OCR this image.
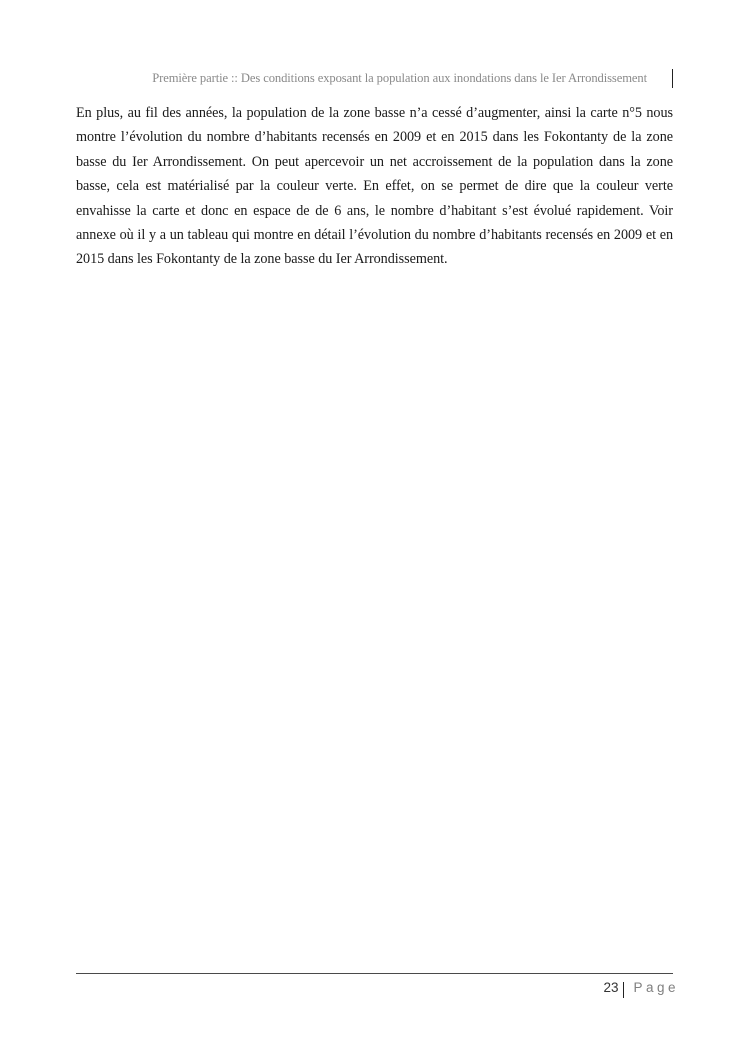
Première partie :: Des conditions exposant la population aux inondations dans le Ier Arrondissement

En plus, au fil des années, la population de la zone basse n’a cessé d’augmenter, ainsi la carte n°5 nous montre l’évolution du nombre d’habitants recensés en 2009 et en 2015 dans les Fokontanty de la zone basse du Ier Arrondissement. On peut apercevoir un net accroissement de la population dans la zone basse, cela est matérialisé par la couleur verte. En effet, on se permet de dire que la couleur verte envahisse la carte et donc en espace de de 6 ans, le nombre d’habitant s’est évolué rapidement. Voir annexe où il y a un tableau qui montre en détail l’évolution du nombre d’habitants recensés en 2009 et en 2015 dans les Fokontanty de la zone basse du Ier Arrondissement.

23 Page
